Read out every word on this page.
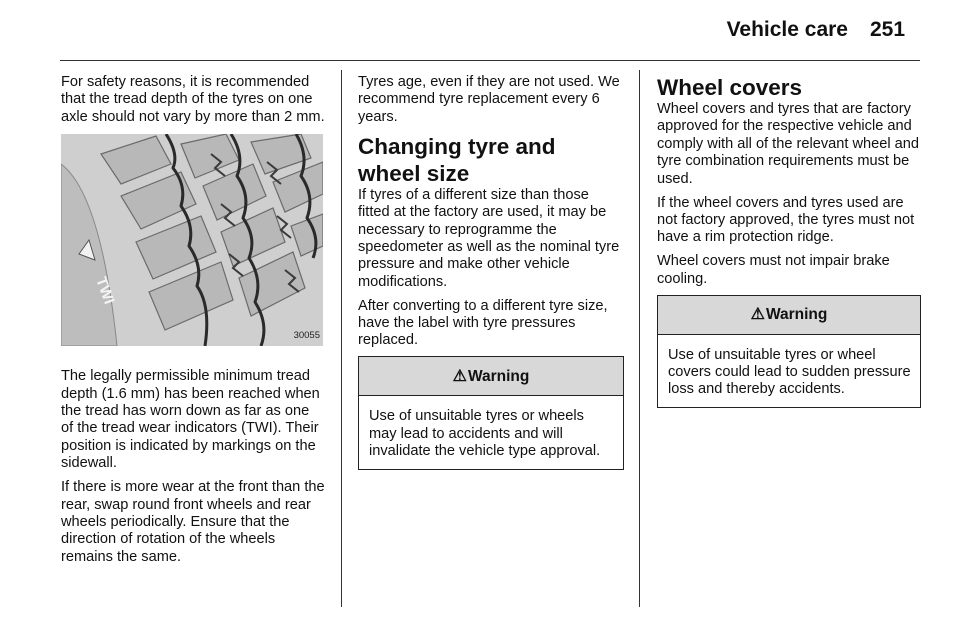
Vehicle care 251

For safety reasons, it is recommended that the tread depth of the tyres on one axle should not vary by more than 2 mm.

TWI
30055

The legally permissible minimum tread depth (1.6 mm) has been reached when the tread has worn down as far as one of the tread wear indicators (TWI). Their position is indicated by markings on the sidewall.

If there is more wear at the front than the rear, swap round front wheels and rear wheels periodically. Ensure that the direction of rotation of the wheels remains the same.

Tyres age, even if they are not used. We recommend tyre replacement every 6 years.

Changing tyre and wheel size

If tyres of a different size than those fitted at the factory are used, it may be necessary to reprogramme the speedometer as well as the nominal tyre pressure and make other vehicle modifications.

After converting to a different tyre size, have the label with tyre pressures replaced.

⚠ Warning
Use of unsuitable tyres or wheels may lead to accidents and will invalidate the vehicle type approval.
Wheel covers

Wheel covers and tyres that are factory approved for the respective vehicle and comply with all of the relevant wheel and tyre combination requirements must be used.

If the wheel covers and tyres used are not factory approved, the tyres must not have a rim protection ridge.

Wheel covers must not impair brake cooling.

⚠ Warning
Use of unsuitable tyres or wheel covers could lead to sudden pressure loss and thereby accidents.
